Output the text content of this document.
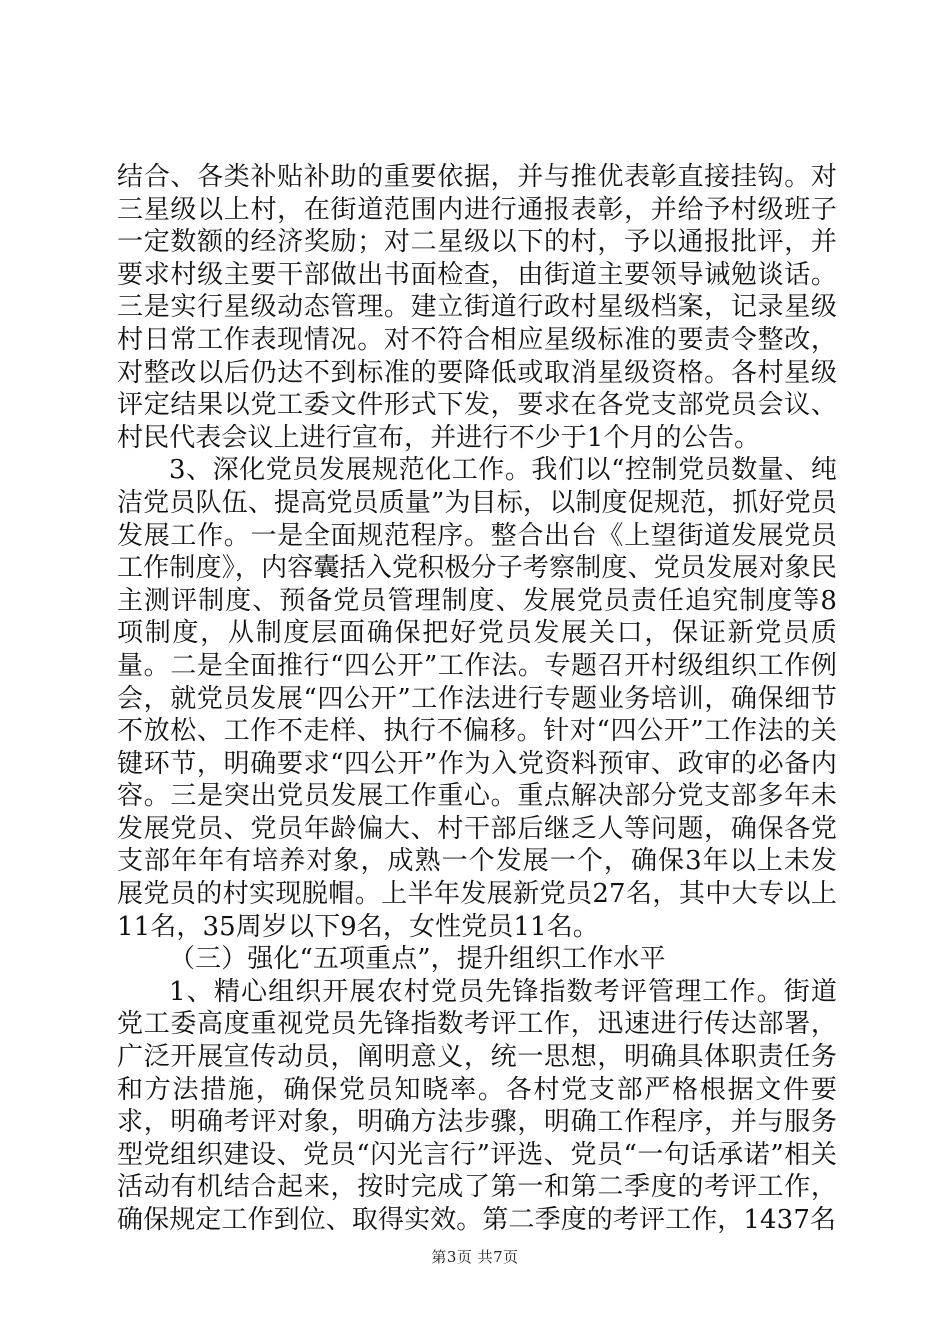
结合、各类补贴补助的重要依据，并与推优表彰直接挂钩。对三星级以上村，在街道范围内进行通报表彰，并给予村级班子一定数额的经济奖励；对二星级以下的村，予以通报批评，并要求村级主要干部做出书面检查，由街道主要领导诫勉谈话。三是实行星级动态管理。建立街道行政村星级档案，记录星级村日常工作表现情况。对不符合相应星级标准的要责令整改，对整改以后仍达不到标准的要降低或取消星级资格。各村星级评定结果以党工委文件形式下发，要求在各党支部党员会议、村民代表会议上进行宣布，并进行不少于1个月的公告。

3、深化党员发展规范化工作。我们以“控制党员数量、纯洁党员队伍、提高党员质量”为目标，以制度促规范，抓好党员发展工作。一是全面规范程序。整合出台《上望街道发展党员工作制度》，内容囊括入党积极分子考察制度、党员发展对象民主测评制度、预备党员管理制度、发展党员责任追究制度等8项制度，从制度层面确保把好党员发展关口，保证新党员质量。二是全面推行“四公开”工作法。专题召开村级组织工作例会，就党员发展“四公开”工作法进行专题业务培训，确保细节不放松、工作不走样、执行不偏移。针对“四公开”工作法的关键环节，明确要求“四公开”作为入党资料预审、政审的必备内容。三是突出党员发展工作重心。重点解决部分党支部多年未发展党员、党员年龄偏大、村干部后继乏人等问题，确保各党支部年年有培养对象，成熟一个发展一个，确保3年以上未发展党员的村实现脱帽。上半年发展新党员27名，其中大专以上11名，35周岁以下9名，女性党员11名。

（三）强化“五项重点”，提升组织工作水平

1、精心组织开展农村党员先锋指数考评管理工作。街道党工委高度重视党员先锋指数考评工作，迅速进行传达部署，广泛开展宣传动员，阐明意义，统一思想，明确具体职责任务和方法措施，确保党员知晓率。各村党支部严格根据文件要求，明确考评对象，明确方法步骤，明确工作程序，并与服务型党组织建设、党员“闪光言行”评选、党员“一句话承诺”相关活动有机结合起来，按时完成了第一和第二季度的考评工作，确保规定工作到位、取得实效。第二季度的考评工作，1437名

第3页 共7页
